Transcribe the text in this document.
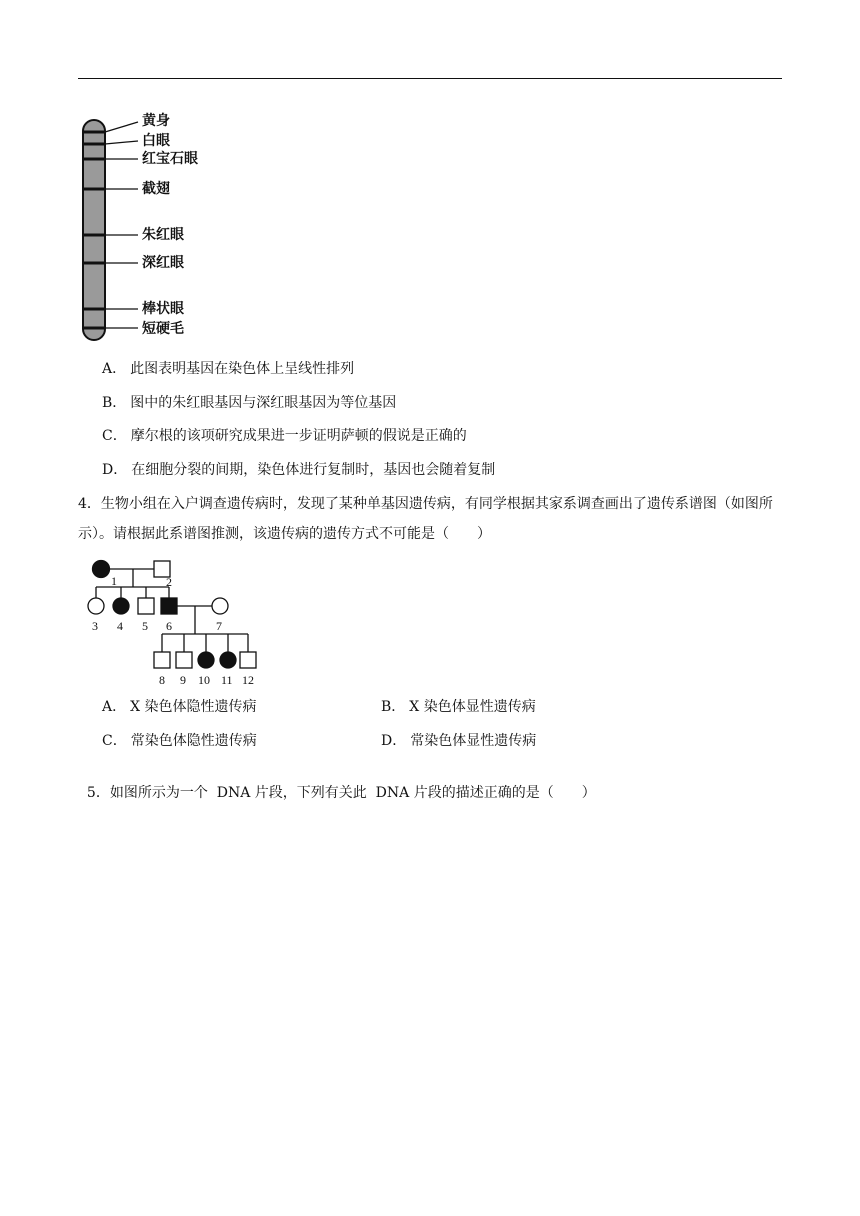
黄身
白眼
红宝石眼
截翅
朱红眼
深红眼
棒状眼
短硬毛
A． 此图表明基因在染色体上呈线性排列
B． 图中的朱红眼基因与深红眼基因为等位基因
C． 摩尔根的该项研究成果进一步证明萨顿的假说是正确的
D． 在细胞分裂的间期，染色体进行复制时，基因也会随着复制
4．生物小组在入户调查遗传病时，发现了某种单基因遗传病，有同学根据其家系调查画出了遗传系谱图（如图所示）。请根据此系谱图推测，该遗传病的遗传方式不可能是（　　）
1	2
3 4 5 6	7
8 9 10 11 12
A． X 染色体隐性遗传病	B． X 染色体显性遗传病
C． 常染色体隐性遗传病	D． 常染色体显性遗传病

5．如图所示为一个  DNA 片段，下列有关此  DNA 片段的描述正确的是（　　）
